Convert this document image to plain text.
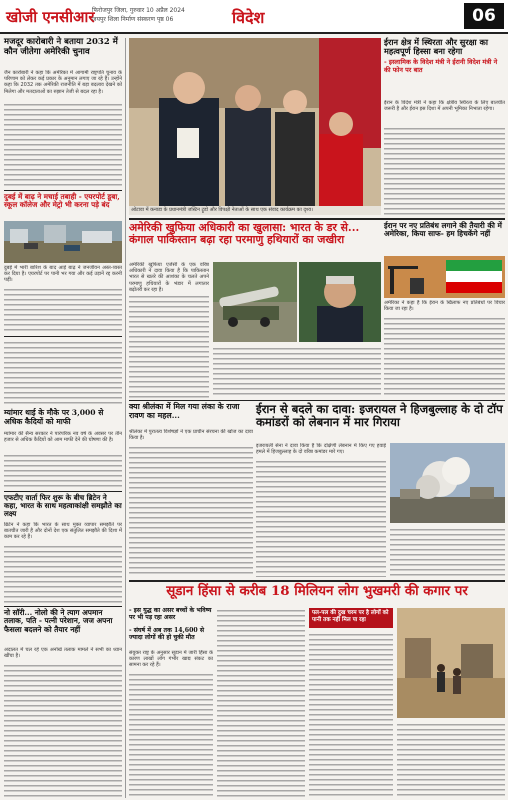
खोजी एनसीआर
फिरोजपुर जिला, गुरुवार 10 अप्रैल 2024
जयपुर शिला निर्माण संस्करण पृष्ठ 06	विदेश	06
मजदूर कारोबारी ने बताया 2032 में कौन जीतेगा अमेरिकी चुनाव
जैन कारोबारी ने कहा कि अमेरिका में आगामी राष्ट्रपति चुनाव के परिणाम को लेकर कई प्रकार के अनुमान लगाए जा रहे हैं। उन्होंने कहा कि 2032 तक अमेरिकी राजनीति में बड़ा बदलाव देखने को मिलेगा और मतदाताओं का रुझान तेजी से बदल रहा है।
दुबई में बाढ़ ने मचाई तबाही - एयरपोर्ट डूबा, स्कूल कॉलेज और मेट्रो भी करना पड़े बंद
दुबई में भारी बारिश के बाद आई बाढ़ ने जनजीवन अस्त-व्यस्त कर दिया है। एयरपोर्ट पर पानी भर गया और कई उड़ानें रद्द करनी पड़ीं।
म्यांमार थाई के मौके पर 3,000 से अधिक कैदियों को माफी
म्यांमार की सैन्य सरकार ने पारंपरिक नव वर्ष के अवसर पर तीन हजार से अधिक कैदियों को आम माफी देने की घोषणा की है।
एफटीए वार्ता फिर शुरू के बीच ब्रिटेन ने कहा, भारत के साथ महत्वाकांक्षी समझौते का लक्ष्य
ब्रिटेन ने कहा कि भारत के साथ मुक्त व्यापार समझौते पर बातचीत जारी है और दोनों देश एक संतुलित समझौते की दिशा में काम कर रहे हैं।
नो सॉरी... नोलो की ने त्याग अपमान तलाक, पति - पत्नी परेशान, जज अपना फैसला बदलने को तैयार नहीं
अदालत में चल रहे एक अनोखे तलाक मामले ने सभी का ध्यान खींचा है।
ओटावा में कनाडा के प्रधानमंत्री जस्टिन ट्रूडो और विपक्षी नेताओं के साथ एक संवाद कार्यक्रम का दृश्य।
ईरान क्षेत्र में स्थिरता और सुरक्षा का महत्वपूर्ण हिस्सा बना रहेगा
- इस्लामिक के विदेश मंत्री ने ईरानी विदेश मंत्री ने की फोन पर बात
ईरान के विदेश मंत्री ने कहा कि क्षेत्रीय स्थिरता के लिए बातचीत जरूरी है और ईरान इस दिशा में अपनी भूमिका निभाता रहेगा।
अमेरिकी खुफिया अधिकारी का खुलासा: भारत के डर से... कंगाल पाकिस्तान बढ़ा रहा परमाणु हथियारों का जखीरा
अमेरिकी खुफिया एजेंसी के एक वरिष्ठ अधिकारी ने दावा किया है कि पाकिस्तान भारत से खतरे की आशंका के चलते अपने परमाणु हथियारों के भंडार में लगातार बढ़ोतरी कर रहा है।
ईरान पर नए प्रतिबंध लगाने की तैयारी की में अमेरिका, किया साफ- हम हिचकेंगे नहीं
अमेरिका ने कहा है कि ईरान के खिलाफ नए प्रतिबंधों पर विचार किया जा रहा है।
क्या श्रीलंका में मिल गया लंका के राजा रावण का महल...
श्रीलंका में पुरातत्व विशेषज्ञों ने एक प्राचीन संरचना की खोज का दावा किया है।
ईरान से बदले का दावा: इजरायल ने हिजबुल्लाह के दो टॉप कमांडरों को लेबनान में मार गिराया
इजरायली सेना ने दावा किया है कि दक्षिणी लेबनान में किए गए हवाई हमले में हिजबुल्लाह के दो वरिष्ठ कमांडर मारे गए।
सूडान हिंसा से करीब 18 मिलियन लोग भुखमरी की कगार पर
- इस युद्ध का असर बच्चों के भविष्य पर भी पड़ रहा असर
- संघर्ष में अब तक 14,600 से ज्यादा लोगों की हो चुकी मौत
संयुक्त राष्ट्र के अनुसार सूडान में जारी हिंसा के कारण लाखों लोग गंभीर खाद्य संकट का सामना कर रहे हैं।
पल-पल की दुख चरम पर है लोगों को पानी तक नहीं मिल पा रहा
